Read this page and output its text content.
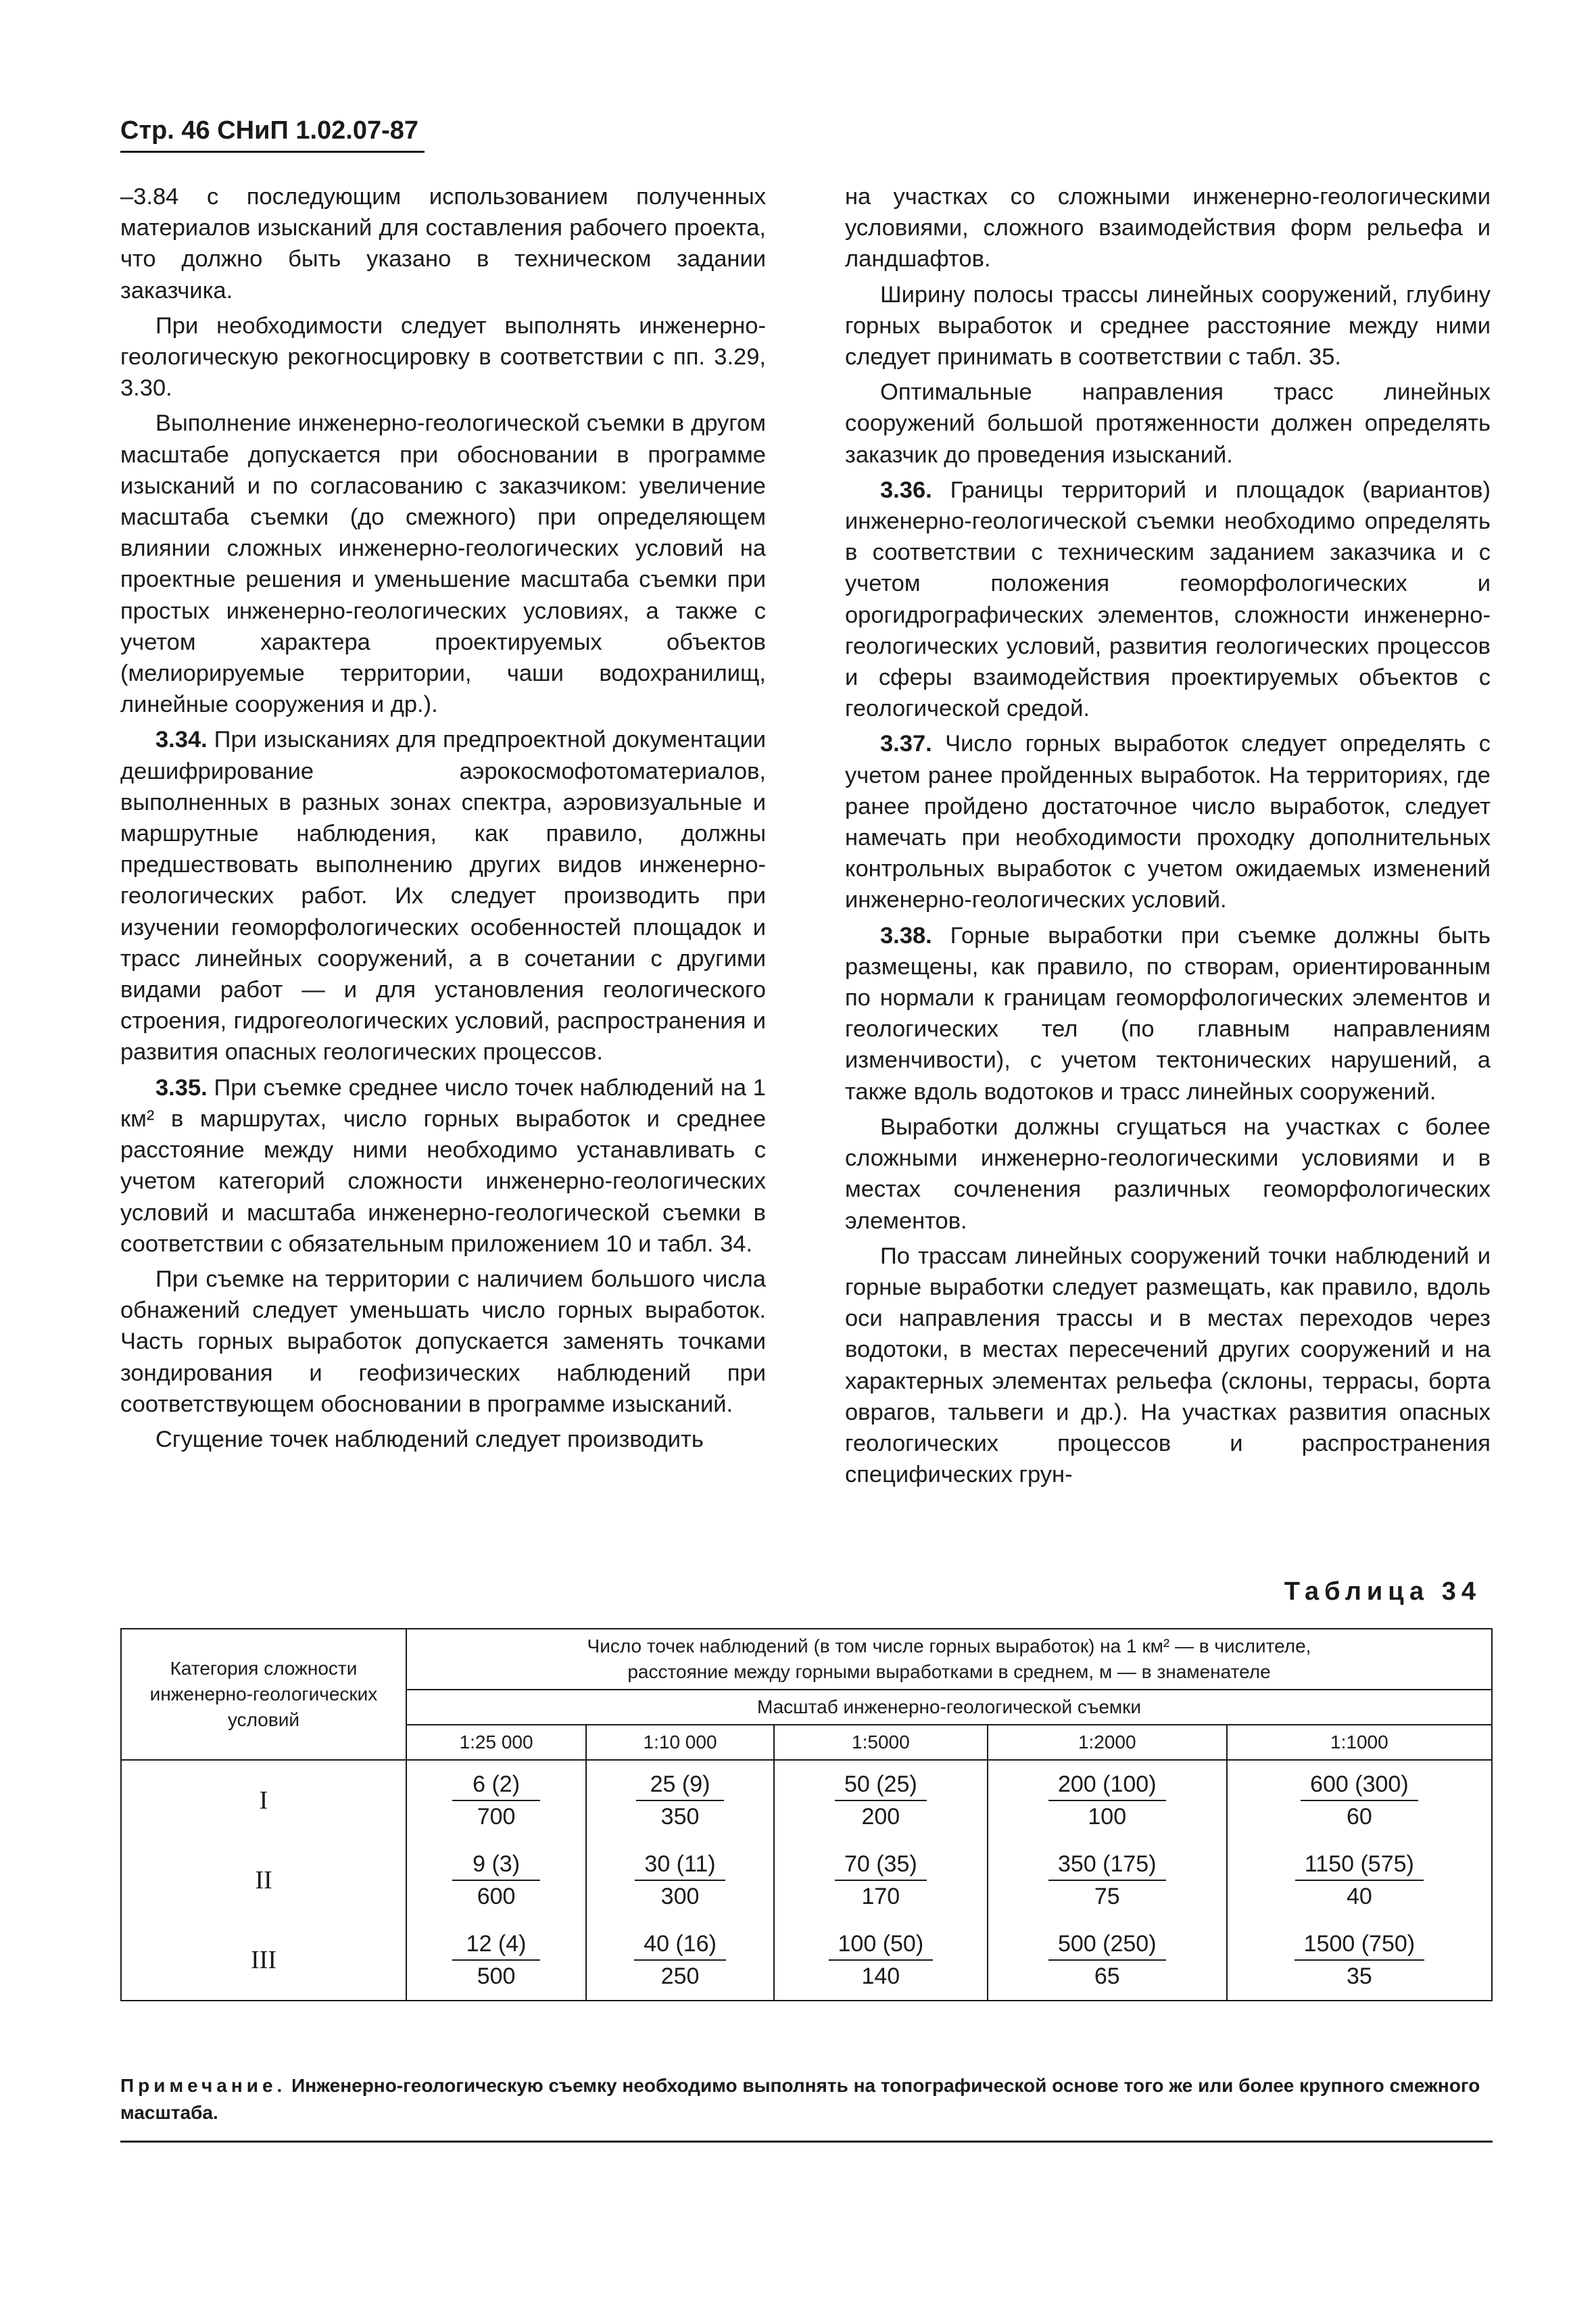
Стр. 46 СНиП 1.02.07-87

–3.84 с последующим использованием полученных материалов изысканий для составления рабочего проекта, что должно быть указано в техническом задании заказчика.

При необходимости следует выполнять инженерно-геологическую рекогносцировку в соответствии с пп. 3.29, 3.30.

Выполнение инженерно-геологической съемки в другом масштабе допускается при обосновании в программе изысканий и по согласованию с заказчиком: увеличение масштаба съемки (до смежного) при определяющем влиянии сложных инженерно-геологических условий на проектные решения и уменьшение масштаба съемки при простых инженерно-геологических условиях, а также с учетом характера проектируемых объектов (мелиорируемые территории, чаши водохранилищ, линейные сооружения и др.).

3.34. При изысканиях для предпроектной документации дешифрирование аэрокосмофотоматериалов, выполненных в разных зонах спектра, аэровизуальные и маршрутные наблюдения, как правило, должны предшествовать выполнению других видов инженерно-геологических работ. Их следует производить при изучении геоморфологических особенностей площадок и трасс линейных сооружений, а в сочетании с другими видами работ — и для установления геологического строения, гидрогеологических условий, распространения и развития опасных геологических процессов.

3.35. При съемке среднее число точек наблюдений на 1 км² в маршрутах, число горных выработок и среднее расстояние между ними необходимо устанавливать с учетом категорий сложности инженерно-геологических условий и масштаба инженерно-геологической съемки в соответствии с обязательным приложением 10 и табл. 34.

При съемке на территории с наличием большого числа обнажений следует уменьшать число горных выработок. Часть горных выработок допускается заменять точками зондирования и геофизических наблюдений при соответствующем обосновании в программе изысканий.

Сгущение точек наблюдений следует производить

на участках со сложными инженерно-геологическими условиями, сложного взаимодействия форм рельефа и ландшафтов.

Ширину полосы трассы линейных сооружений, глубину горных выработок и среднее расстояние между ними следует принимать в соответствии с табл. 35.

Оптимальные направления трасс линейных сооружений большой протяженности должен определять заказчик до проведения изысканий.

3.36. Границы территорий и площадок (вариантов) инженерно-геологической съемки необходимо определять в соответствии с техническим заданием заказчика и с учетом положения геоморфологических и орогидрографических элементов, сложности инженерно-геологических условий, развития геологических процессов и сферы взаимодействия проектируемых объектов с геологической средой.

3.37. Число горных выработок следует определять с учетом ранее пройденных выработок. На территориях, где ранее пройдено достаточное число выработок, следует намечать при необходимости проходку дополнительных контрольных выработок с учетом ожидаемых изменений инженерно-геологических условий.

3.38. Горные выработки при съемке должны быть размещены, как правило, по створам, ориентированным по нормали к границам геоморфологических элементов и геологических тел (по главным направлениям изменчивости), с учетом тектонических нарушений, а также вдоль водотоков и трасс линейных сооружений.

Выработки должны сгущаться на участках с более сложными инженерно-геологическими условиями и в местах сочленения различных геоморфологических элементов.

По трассам линейных сооружений точки наблюдений и горные выработки следует размещать, как правило, вдоль оси направления трассы и в местах переходов через водотоки, в местах пересечений других сооружений и на характерных элементах рельефа (склоны, террасы, борта оврагов, тальвеги и др.). На участках развития опасных геологических процессов и распространения специфических грун-

Таблица 34
Категория сложности инженерно-геологических условий	Число точек наблюдений (в том числе горных выработок) на 1 км² — в числителе,
расстояние между горными выработками в среднем, м — в знаменателе				
	Масштаб инженерно-геологической съемки				
	1:25 000	1:10 000	1:5000	1:2000	1:1000
I	$\frac{6 (2)}{700}$	$\frac{25 (9)}{350}$	$\frac{50 (25)}{200}$	$\frac{200 (100)}{100}$	$\frac{600 (300)}{60}$

II	$\frac{9 (3)}{600}$	$\frac{30 (11)}{300}$	$\frac{70 (35)}{170}$	$\frac{350 (175)}{75}$	$\frac{1150 (575)}{40}$

III	$\frac{12 (4)}{500}$	$\frac{40 (16)}{250}$	$\frac{100 (50)}{140}$	$\frac{500 (250)}{65}$	$\frac{1500 (750)}{35}$
Примечание. Инженерно-геологическую съемку необходимо выполнять на топографической основе того же или более крупного смежного масштаба.
